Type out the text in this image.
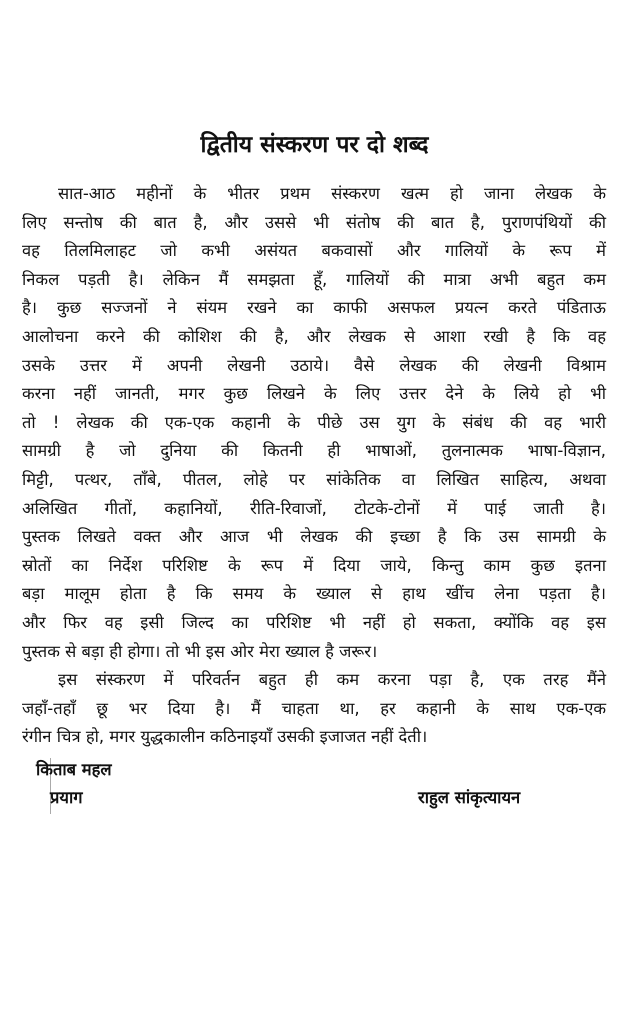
द्वितीय संस्करण पर दो शब्द
सात-आठ महीनों के भीतर प्रथम संस्करण खत्म हो जाना लेखक के
लिए सन्तोष की बात है, और उससे भी संतोष की बात है, पुराणपंथियों की
वह तिलमिलाहट जो कभी असंयत बकवासों और गालियों के रूप में
निकल पड़ती है। लेकिन मैं समझता हूँ, गालियों की मात्रा अभी बहुत कम
है। कुछ सज्जनों ने संयम रखने का काफी असफल प्रयत्न करते पंडिताऊ
आलोचना करने की कोशिश की है, और लेखक से आशा रखी है कि वह
उसके उत्तर में अपनी लेखनी उठाये। वैसे लेखक की लेखनी विश्राम
करना नहीं जानती, मगर कुछ लिखने के लिए उत्तर देने के लिये हो भी
तो ! लेखक की एक-एक कहानी के पीछे उस युग के संबंध की वह भारी
सामग्री है जो दुनिया की कितनी ही भाषाओं, तुलनात्मक भाषा-विज्ञान,
मिट्टी, पत्थर, ताँबे, पीतल, लोहे पर सांकेतिक वा लिखित साहित्य, अथवा
अलिखित गीतों, कहानियों, रीति-रिवाजों, टोटके-टोनों में पाई जाती है।
पुस्तक लिखते वक्त और आज भी लेखक की इच्छा है कि उस सामग्री के
स्रोतों का निर्देश परिशिष्ट के रूप में दिया जाये, किन्तु काम कुछ इतना
बड़ा मालूम होता है कि समय के ख्याल से हाथ खींच लेना पड़ता है।
और फिर वह इसी जिल्द का परिशिष्ट भी नहीं हो सकता, क्योंकि वह इस
पुस्तक से बड़ा ही होगा। तो भी इस ओर मेरा ख्याल है जरूर।
इस संस्करण में परिवर्तन बहुत ही कम करना पड़ा है, एक तरह मैंने
जहाँ-तहाँ छू भर दिया है। मैं चाहता था, हर कहानी के साथ एक-एक
रंगीन चित्र हो, मगर युद्धकालीन कठिनाइयाँ उसकी इजाजत नहीं देती।
किताब महल
प्रयाग	राहुल सांकृत्यायन
